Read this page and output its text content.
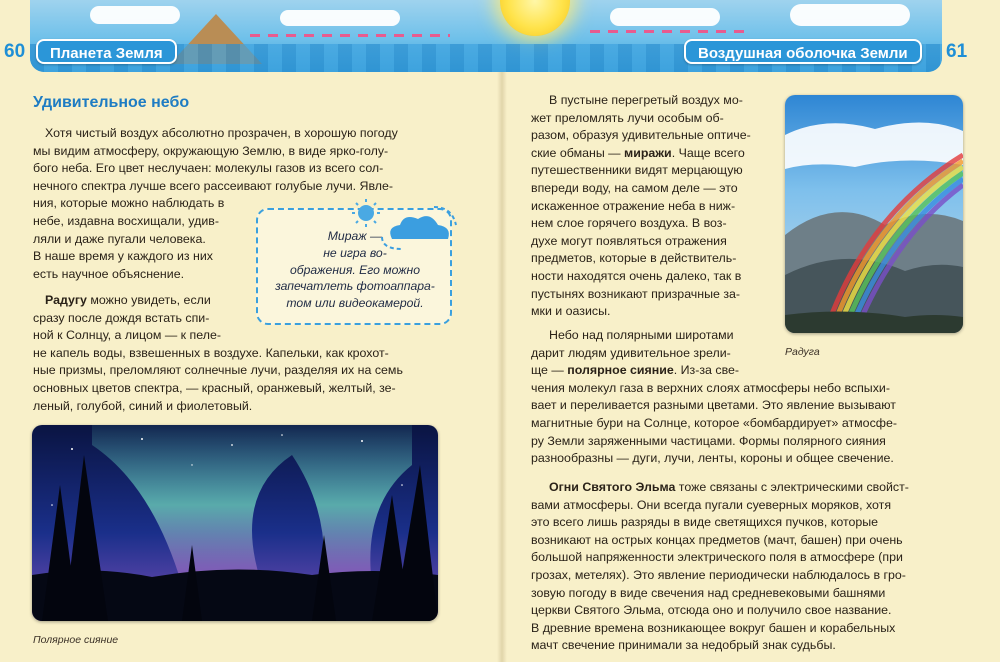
60	Планета Земля	Воздушная оболочка Земли	61
Удивительное небо
Хотя чистый воздух абсолютно прозрачен, в хорошую погоду
мы видим атмосферу, окружающую Землю, в виде ярко-голу-
бого неба. Его цвет неслучаен: молекулы газов из всего сол-
нечного спектра лучше всего рассеивают голубые лучи. Явле-
ния, которые можно наблюдать в
небе, издавна восхищали, удив-
ляли и даже пугали человека.
В наше время у каждого из них
есть научное объяснение.
Радугу можно увидеть, если
сразу после дождя встать спи-
ной к Солнцу, а лицом — к пеле-
не капель воды, взвешенных в воздухе. Капельки, как крохот-
ные призмы, преломляют солнечные лучи, разделяя их на семь
основных цветов спектра, — красный, оранжевый, желтый, зе-
леный, голубой, синий и фиолетовый.
Мираж —
не игра во-
ображения. Его можно
запечатлеть фотоаппара-
том или видеокамерой.
Полярное сияние
В пустыне перегретый воздух мо-
жет преломлять лучи особым об-
разом, образуя удивительные оптиче-
ские обманы — миражи. Чаще всего
путешественники видят мерцающую
впереди воду, на самом деле — это
искаженное отражение неба в ниж-
нем слое горячего воздуха. В воз-
духе могут появляться отражения
предметов, которые в действитель-
ности находятся очень далеко, так в
пустынях возникают призрачные за-
мки и оазисы.
Радуга
Небо над полярными широтами
дарит людям удивительное зрели-
ще — полярное сияние. Из-за све-
чения молекул газа в верхних слоях атмосферы небо вспыхи-
вает и переливается разными цветами. Это явление вызывают
магнитные бури на Солнце, которое «бомбардирует» атмосфе-
ру Земли заряженными частицами. Формы полярного сияния
разнообразны — дуги, лучи, ленты, короны и общее свечение.
Огни Святого Эльма тоже связаны с электрическими свойст-
вами атмосферы. Они всегда пугали суеверных моряков, хотя
это всего лишь разряды в виде светящихся пучков, которые
возникают на острых концах предметов (мачт, башен) при очень
большой напряженности электрического поля в атмосфере (при
грозах, метелях). Это явление периодически наблюдалось в гро-
зовую погоду в виде свечения над средневековыми башнями
церкви Святого Эльма, отсюда оно и получило свое название.
В древние времена возникающее вокруг башен и корабельных
мачт свечение принимали за недобрый знак судьбы.
